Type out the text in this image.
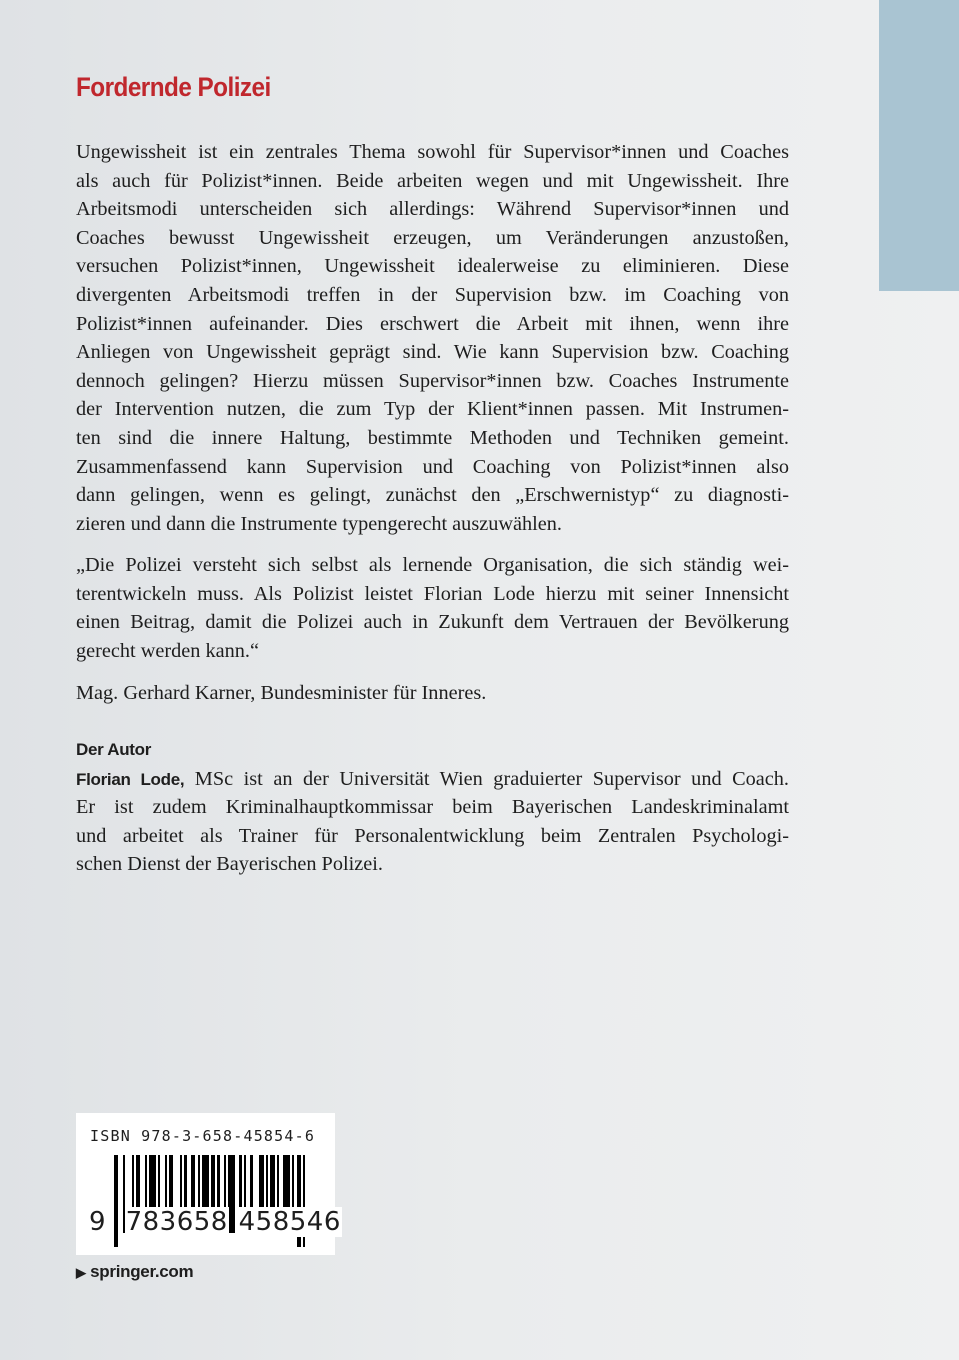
Fordernde Polizei
Ungewissheit ist ein zentrales Thema sowohl für Supervisor*innen und Coaches
als auch für Polizist*innen. Beide arbeiten wegen und mit Ungewissheit. Ihre
Arbeitsmodi unterscheiden sich allerdings: Während Supervisor*innen und
Coaches bewusst Ungewissheit erzeugen, um Veränderungen anzustoßen,
versuchen Polizist*innen, Ungewissheit idealerweise zu eliminieren. Diese
divergenten Arbeitsmodi treffen in der Supervision bzw. im Coaching von
Polizist*innen aufeinander. Dies erschwert die Arbeit mit ihnen, wenn ihre
Anliegen von Ungewissheit geprägt sind. Wie kann Supervision bzw. Coaching
dennoch gelingen? Hierzu müssen Supervisor*innen bzw. Coaches Instrumente
der Intervention nutzen, die zum Typ der Klient*innen passen. Mit Instrumen-
ten sind die innere Haltung, bestimmte Methoden und Techniken gemeint.
Zusammenfassend kann Supervision und Coaching von Polizist*innen also
dann gelingen, wenn es gelingt, zunächst den „Erschwernistyp“ zu diagnosti-
zieren und dann die Instrumente typengerecht auszuwählen.
„Die Polizei versteht sich selbst als lernende Organisation, die sich ständig wei-
terentwickeln muss. Als Polizist leistet Florian Lode hierzu mit seiner Innensicht
einen Beitrag, damit die Polizei auch in Zukunft dem Vertrauen der Bevölkerung
gerecht werden kann.“
Mag. Gerhard Karner, Bundesminister für Inneres.
Der Autor
Florian Lode, MSc ist an der Universität Wien graduierter Supervisor und Coach.
Er ist zudem Kriminalhauptkommissar beim Bayerischen Landeskriminalamt
und arbeitet als Trainer für Personalentwicklung beim Zentralen Psychologi-
schen Dienst der Bayerischen Polizei.
ISBN 978-3-658-45854-6
9 783658 458546
▶ springer.com
